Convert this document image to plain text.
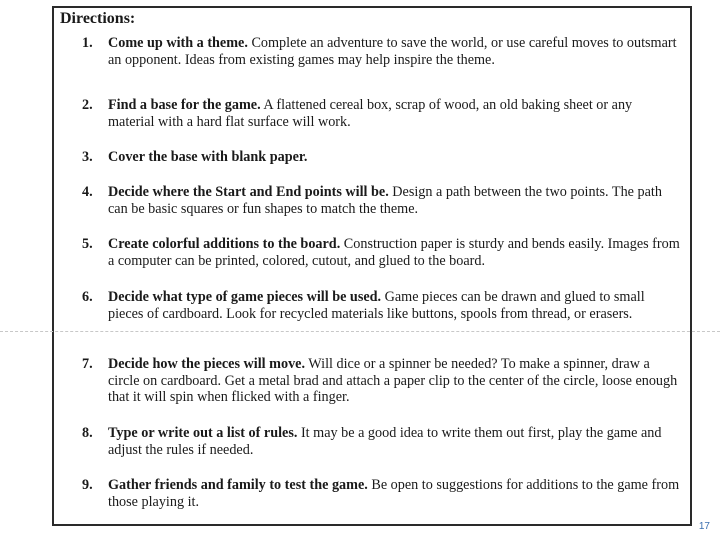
Directions:
1. Come up with a theme. Complete an adventure to save the world, or use careful moves to outsmart an opponent. Ideas from existing games may help inspire the theme.
2. Find a base for the game. A flattened cereal box, scrap of wood, an old baking sheet or any material with a hard flat surface will work.
3. Cover the base with blank paper.
4. Decide where the Start and End points will be. Design a path between the two points. The path can be basic squares or fun shapes to match the theme.
5. Create colorful additions to the board. Construction paper is sturdy and bends easily. Images from a computer can be printed, colored, cutout, and glued to the board.
6. Decide what type of game pieces will be used. Game pieces can be drawn and glued to small pieces of cardboard. Look for recycled materials like buttons, spools from thread, or erasers.
7. Decide how the pieces will move. Will dice or a spinner be needed? To make a spinner, draw a circle on cardboard. Get a metal brad and attach a paper clip to the center of the circle, loose enough that it will spin when flicked with a finger.
8. Type or write out a list of rules. It may be a good idea to write them out first, play the game and adjust the rules if needed.
9. Gather friends and family to test the game. Be open to suggestions for additions to the game from those playing it.
17
